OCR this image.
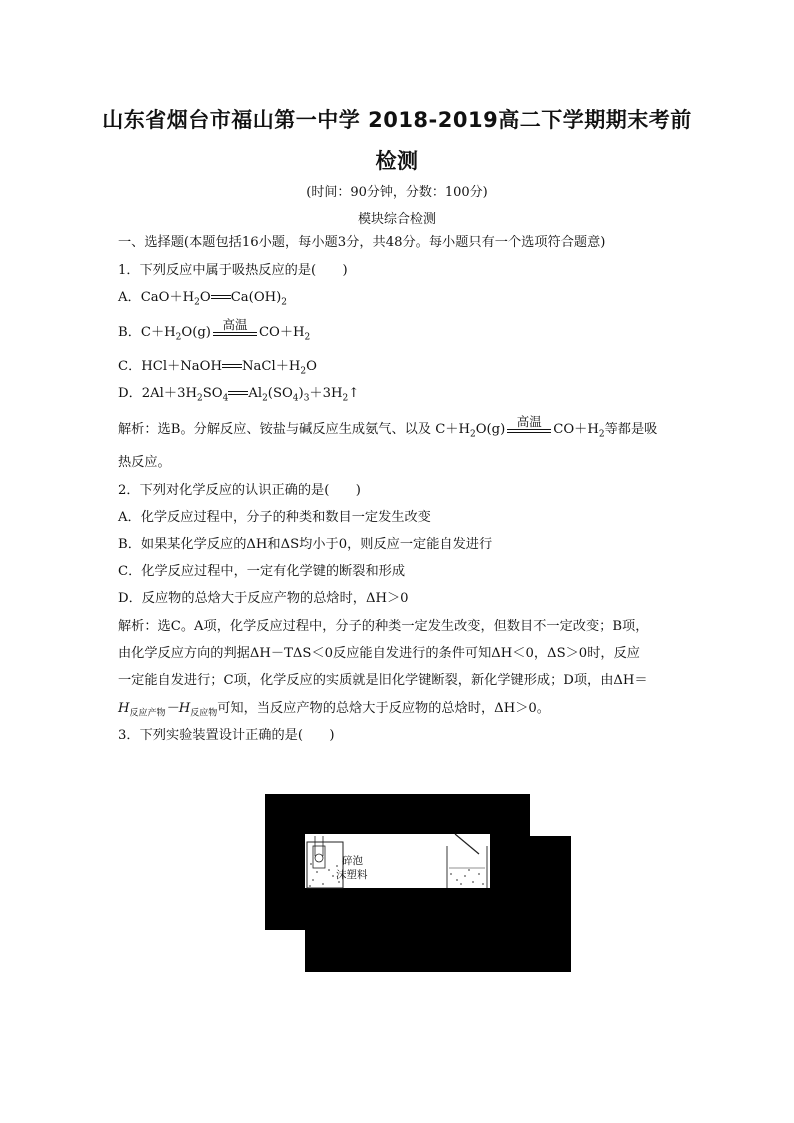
山东省烟台市福山第一中学 2018-2019高二下学期期末考前
检测
(时间：90分钟，分数：100分)
模块综合检测
一、选择题(本题包括16小题，每小题3分，共48分。每小题只有一个选项符合题意)
1．下列反应中属于吸热反应的是(　　)
A．$CaO+H_2O$ $Ca(OH)_2$
B．$C+H_2O(g)$
高温
$CO+H_2$
C．HCl＋NaOH $NaCl+H_2O$
D．$2Al+3H_2SO_4$ $Al_2(SO_4)_3+3H_2↑$
解析：选B。分解反应、铵盐与碱反应生成氨气、以及 $C+H_2O(g)$
高温
$CO+H_2$等都是吸
热反应。
2．下列对化学反应的认识正确的是(　　)
A．化学反应过程中，分子的种类和数目一定发生改变
B．如果某化学反应的ΔH和ΔS均小于0，则反应一定能自发进行
C．化学反应过程中，一定有化学键的断裂和形成
D．反应物的总焓大于反应产物的总焓时，ΔH＞0
解析：选C。A项，化学反应过程中，分子的种类一定发生改变，但数目不一定改变；B项，
由化学反应方向的判据ΔH－TΔS＜0反应能自发进行的条件可知ΔH＜0，ΔS＞0时，反应
一定能自发进行；C项，化学反应的实质就是旧化学键断裂，新化学键形成；D项，由ΔH＝
$H_{反应产物}-H_{反应物}$可知，当反应产物的总焓大于反应物的总焓时，ΔH＞0。
3．下列实验装置设计正确的是(　　)
碎泡
沫塑料
